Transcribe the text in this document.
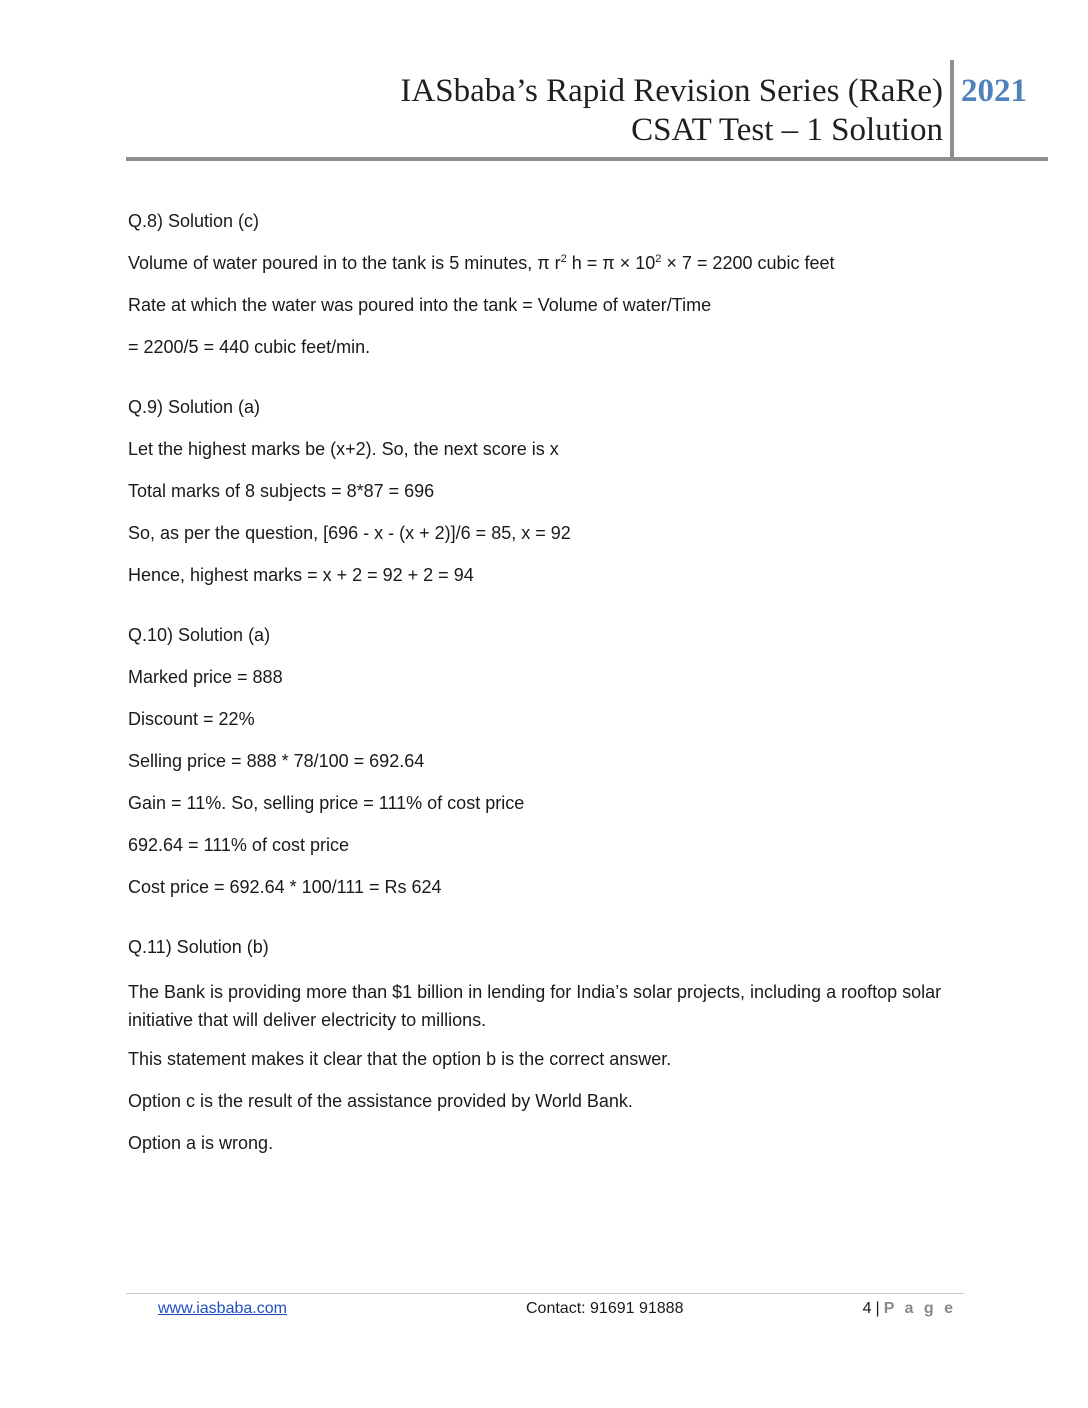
IASbaba’s Rapid Revision Series (RaRe)
CSAT Test – 1 Solution
2021

Q.8) Solution (c)

Volume of water poured in to the tank is 5 minutes, π $r^2$ $h = \pi \times 10^2 \times 7 = 2200$ cubic feet

Rate at which the water was poured into the tank = Volume of water/Time

= 2200/5 = 440 cubic feet/min.

Q.9) Solution (a)

Let the highest marks be (x+2). So, the next score is x

Total marks of 8 subjects = 8*87 = 696

So, as per the question, [696 - x - (x + 2)]/6 = 85, x = 92

Hence, highest marks = x + 2 = 92 + 2 = 94

Q.10) Solution (a)

Marked price = 888

Discount = 22%

Selling price = 888 * 78/100 = 692.64

Gain = 11%. So, selling price = 111% of cost price

692.64 = 111% of cost price

Cost price = 692.64 * 100/111 = Rs 624

Q.11) Solution (b)

The Bank is providing more than $1 billion in lending for India’s solar projects, including a rooftop solar initiative that will deliver electricity to millions.

This statement makes it clear that the option b is the correct answer.

Option c is the result of the assistance provided by World Bank.

Option a is wrong.

www.iasbaba.com	Contact: 91691 91888	4 | P a g e
